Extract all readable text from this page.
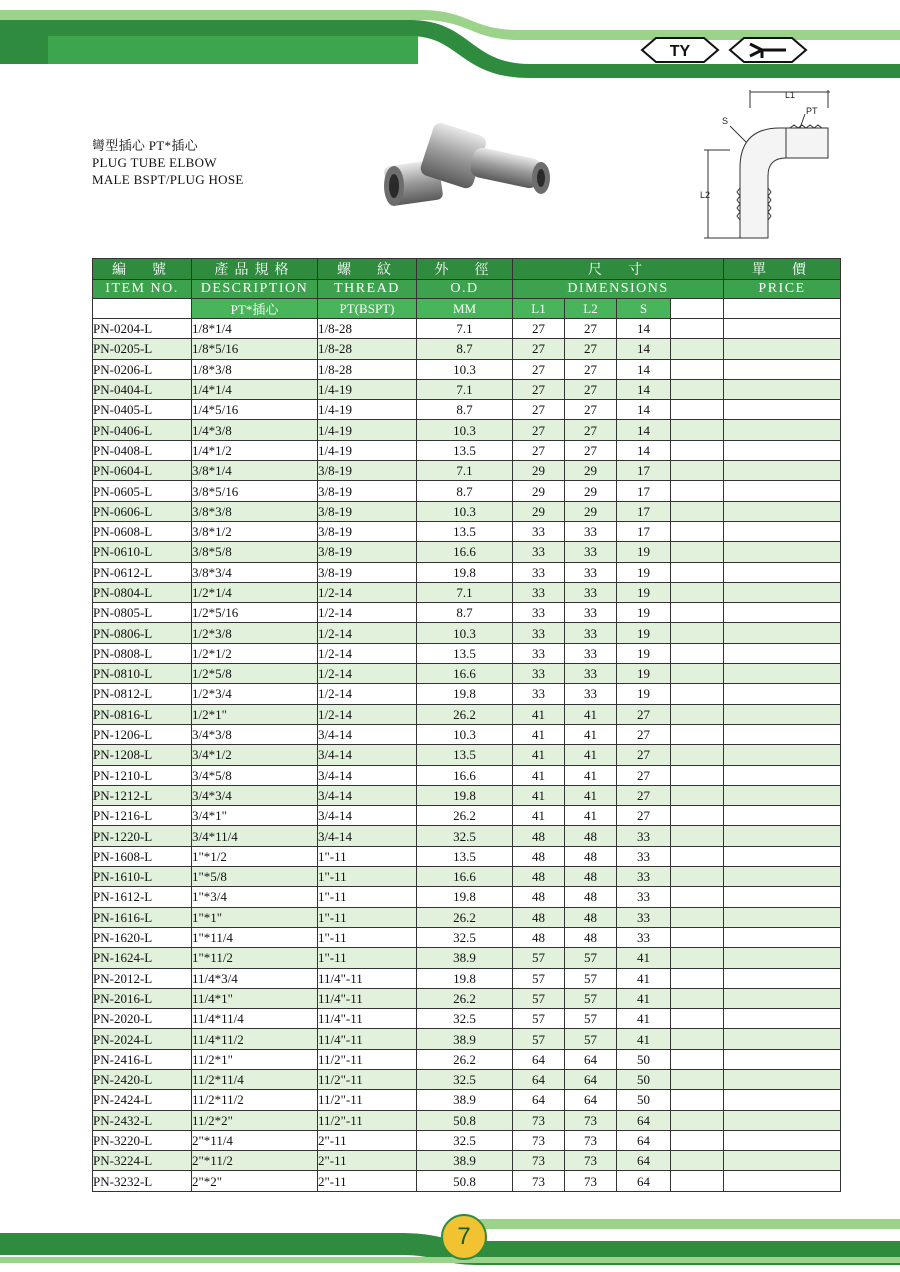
TY
彎型插心 PT*插心
PLUG TUBE ELBOW
MALE BSPT/PLUG HOSE
L1
PT
S
L2
編　號	產品規格	螺　紋	外　徑	尺　寸				單　價
ITEM NO.	DESCRIPTION	THREAD	O.D	DIMENSIONS				PRICE
	PT*插心	PT(BSPT)	MM	L1	L2	S		
PN-0204-L	1/8*1/4	1/8-28	7.1	27	27	14		
PN-0205-L	1/8*5/16	1/8-28	8.7	27	27	14		
PN-0206-L	1/8*3/8	1/8-28	10.3	27	27	14		
PN-0404-L	1/4*1/4	1/4-19	7.1	27	27	14		
PN-0405-L	1/4*5/16	1/4-19	8.7	27	27	14		
PN-0406-L	1/4*3/8	1/4-19	10.3	27	27	14		
PN-0408-L	1/4*1/2	1/4-19	13.5	27	27	14		
PN-0604-L	3/8*1/4	3/8-19	7.1	29	29	17		
PN-0605-L	3/8*5/16	3/8-19	8.7	29	29	17		
PN-0606-L	3/8*3/8	3/8-19	10.3	29	29	17		
PN-0608-L	3/8*1/2	3/8-19	13.5	33	33	17		
PN-0610-L	3/8*5/8	3/8-19	16.6	33	33	19		
PN-0612-L	3/8*3/4	3/8-19	19.8	33	33	19		
PN-0804-L	1/2*1/4	1/2-14	7.1	33	33	19		
PN-0805-L	1/2*5/16	1/2-14	8.7	33	33	19		
PN-0806-L	1/2*3/8	1/2-14	10.3	33	33	19		
PN-0808-L	1/2*1/2	1/2-14	13.5	33	33	19		
PN-0810-L	1/2*5/8	1/2-14	16.6	33	33	19		
PN-0812-L	1/2*3/4	1/2-14	19.8	33	33	19		
PN-0816-L	1/2*1"	1/2-14	26.2	41	41	27		
PN-1206-L	3/4*3/8	3/4-14	10.3	41	41	27		
PN-1208-L	3/4*1/2	3/4-14	13.5	41	41	27		
PN-1210-L	3/4*5/8	3/4-14	16.6	41	41	27		
PN-1212-L	3/4*3/4	3/4-14	19.8	41	41	27		
PN-1216-L	3/4*1"	3/4-14	26.2	41	41	27		
PN-1220-L	3/4*11/4	3/4-14	32.5	48	48	33		
PN-1608-L	1"*1/2	1"-11	13.5	48	48	33		
PN-1610-L	1"*5/8	1"-11	16.6	48	48	33		
PN-1612-L	1"*3/4	1"-11	19.8	48	48	33		
PN-1616-L	1"*1"	1"-11	26.2	48	48	33		
PN-1620-L	1"*11/4	1"-11	32.5	48	48	33		
PN-1624-L	1"*11/2	1"-11	38.9	57	57	41		
PN-2012-L	11/4*3/4	11/4"-11	19.8	57	57	41		
PN-2016-L	11/4*1"	11/4"-11	26.2	57	57	41		
PN-2020-L	11/4*11/4	11/4"-11	32.5	57	57	41		
PN-2024-L	11/4*11/2	11/4"-11	38.9	57	57	41		
PN-2416-L	11/2*1"	11/2"-11	26.2	64	64	50		
PN-2420-L	11/2*11/4	11/2"-11	32.5	64	64	50		
PN-2424-L	11/2*11/2	11/2"-11	38.9	64	64	50		
PN-2432-L	11/2*2"	11/2"-11	50.8	73	73	64		
PN-3220-L	2"*11/4	2"-11	32.5	73	73	64		
PN-3224-L	2"*11/2	2"-11	38.9	73	73	64		
PN-3232-L	2"*2"	2"-11	50.8	73	73	64		
7
